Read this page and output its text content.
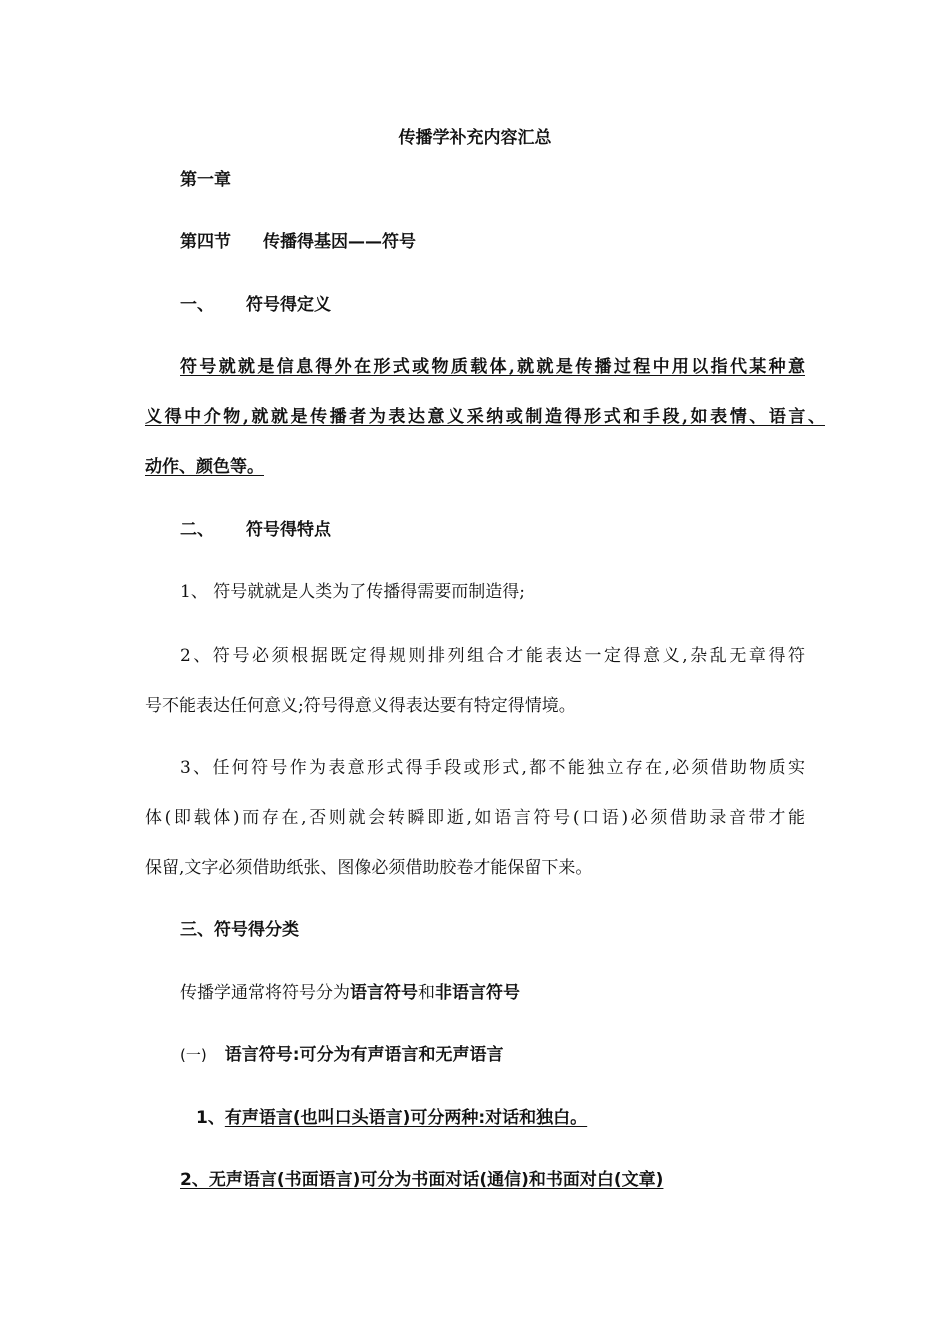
传播学补充内容汇总
第一章
第四节 传播得基因——符号
一、 符号得定义
符号就就是信息得外在形式或物质载体,就就是传播过程中用以指代某种意
义得中介物,就就是传播者为表达意义采纳或制造得形式和手段,如表情、语言、
动作、颜色等。
二、 符号得特点
1、 符号就就是人类为了传播得需要而制造得;
2、符号必须根据既定得规则排列组合才能表达一定得意义,杂乱无章得符
号不能表达任何意义;符号得意义得表达要有特定得情境。
3、任何符号作为表意形式得手段或形式,都不能独立存在,必须借助物质实
体(即载体)而存在,否则就会转瞬即逝,如语言符号(口语)必须借助录音带才能
保留,文字必须借助纸张、图像必须借助胶卷才能保留下来。
三、符号得分类
传播学通常将符号分为语言符号和非语言符号
(一) 语言符号:可分为有声语言和无声语言
1、有声语言(也叫口头语言)可分两种:对话和独白。
2、无声语言(书面语言)可分为书面对话(通信)和书面对白(文章)
